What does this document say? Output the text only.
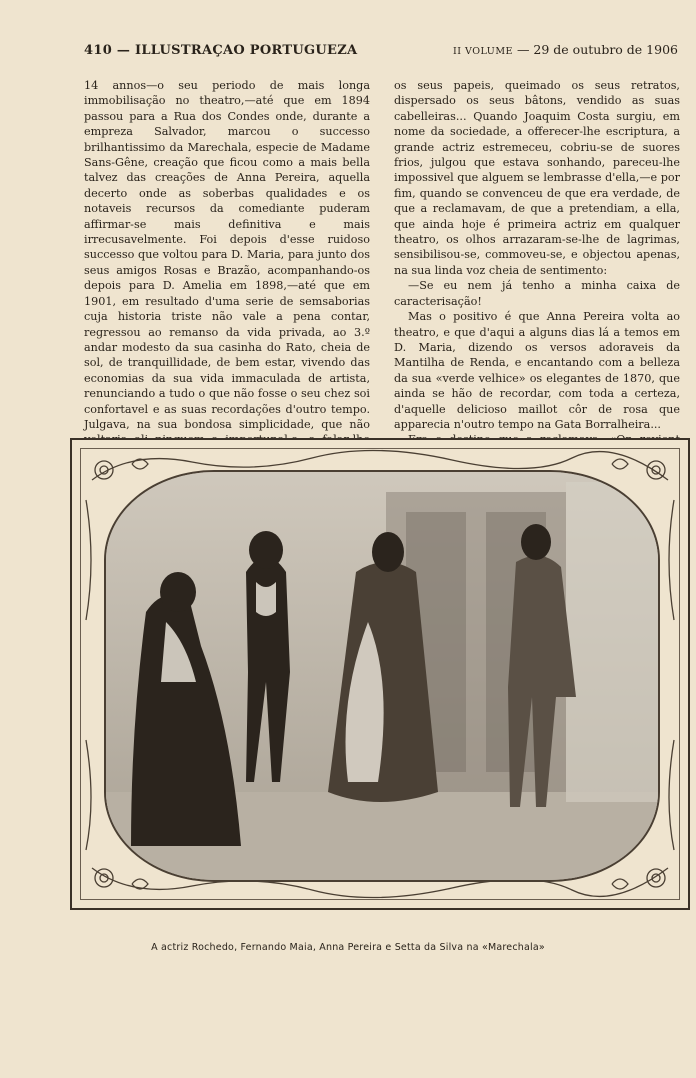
410 — ILLUSTRAÇAO PORTUGUEZA	II VOLUME — 29 de outubro de 1906

14 annos—o seu periodo de mais longa immobilisação no theatro,—até que em 1894 passou para a Rua dos Condes onde, durante a empreza Salvador, marcou o successo brilhantissimo da Marechala, especie de Madame Sans-Gêne, creação que ficou como a mais bella talvez das creações de Anna Pereira, aquella decerto onde as soberbas qualidades e os notaveis recursos da comediante puderam affirmar-se mais definitiva e mais irrecusavelmente. Foi depois d'esse ruidoso successo que voltou para D. Maria, para junto dos seus amigos Rosas e Brazão, acompanhando-os depois para D. Amelia em 1898,—até que em 1901, em resultado d'uma serie de semsaborias cuja historia triste não vale a pena contar, regressou ao remanso da vida privada, ao 3.º andar modesto da sua casinha do Rato, cheia de sol, de tranquillidade, de bem estar, vivendo das economias da sua vida immaculada de artista, renunciando a tudo o que não fosse o seu chez soi confortavel e as suas recordações d'outro tempo. Julgava, na sua bondosa simplicidade, que não

os seus papeis, queimado os seus retratos, dispersado os seus bâtons, vendido as suas cabelleiras... Quando Joaquim Costa surgiu, em nome da sociedade, a offerecer-lhe escriptura, a grande actriz estremeceu, cobriu-se de suores frios, julgou que estava sonhando, pareceu-lhe impossivel que alguem se lembrasse d'ella,—e por fim, quando se convenceu de que era verdade, de que a reclamavam, de que a pretendiam, a ella, que ainda hoje é primeira actriz em qualquer theatro, os olhos arrazaram-se-lhe de lagrimas, sensibilisou-se, commoveu-se, e objectou apenas, na sua linda voz cheia de sentimento:

—Se eu nem já tenho a minha caixa de caracterisação!

Mas o positivo é que Anna Pereira volta ao theatro, e que d'aqui a alguns dias lá a temos em D. Maria, dizendo os versos adoraveis da Mantilha de Renda, e encantando com a belleza da sua «verde velhice» os elegantes de 1870, que ainda se hão de recordar, com toda a certeza, d'aquelle delicioso maillot côr de rosa que apparecia n'outro tempo na Gata Borralheira...

A actriz Rochedo, Fernando Maia, Anna Pereira e Setta da Silva na «Marechala»
